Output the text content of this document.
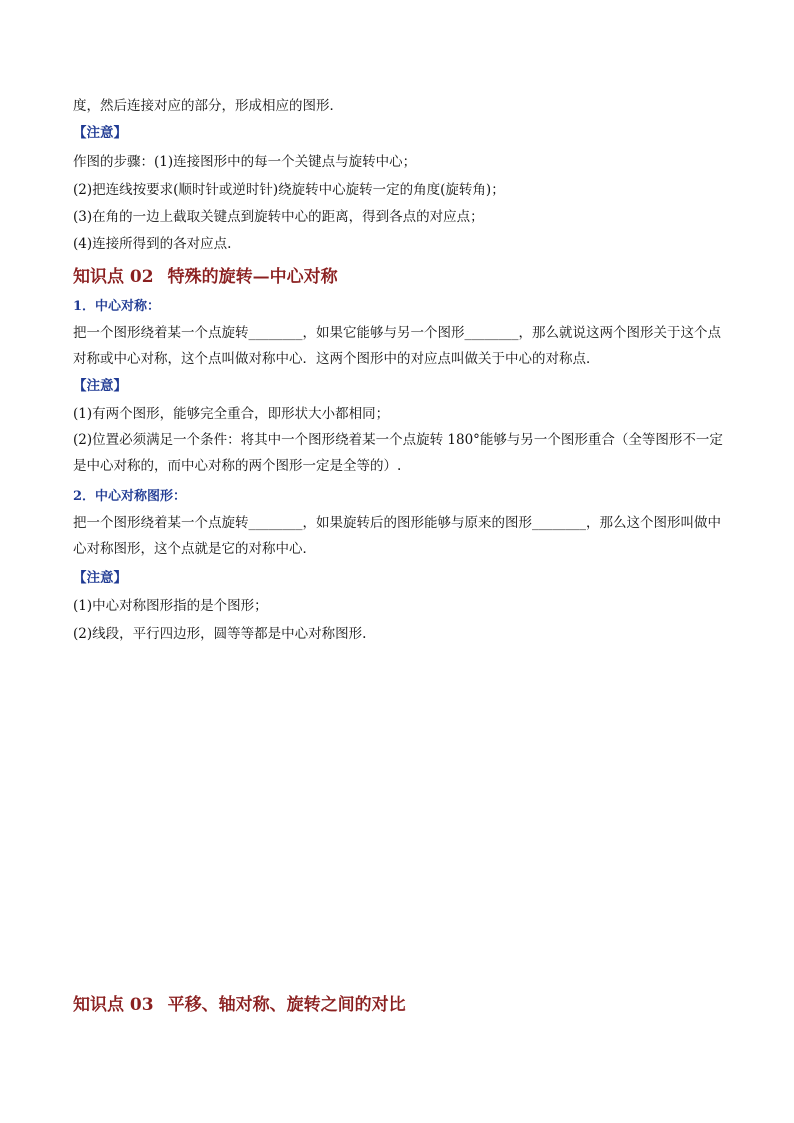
度，然后连接对应的部分，形成相应的图形．
【注意】
作图的步骤：(1)连接图形中的每一个关键点与旋转中心；
(2)把连线按要求(顺时针或逆时针)绕旋转中心旋转一定的角度(旋转角)；
(3)在角的一边上截取关键点到旋转中心的距离，得到各点的对应点；
(4)连接所得到的各对应点.
知识点 02 特殊的旋转—中心对称
1．中心对称：
把一个图形绕着某一个点旋转________，如果它能够与另一个图形________，那么就说这两个图形关于这个点对称或中心对称，这个点叫做对称中心．这两个图形中的对应点叫做关于中心的对称点．
【注意】
(1)有两个图形，能够完全重合，即形状大小都相同；
(2)位置必须满足一个条件：将其中一个图形绕着某一个点旋转 180°能够与另一个图形重合（全等图形不一定是中心对称的，而中心对称的两个图形一定是全等的）.
2．中心对称图形：
把一个图形绕着某一个点旋转________，如果旋转后的图形能够与原来的图形________，那么这个图形叫做中心对称图形，这个点就是它的对称中心．
【注意】
(1)中心对称图形指的是个图形；
(2)线段，平行四边形，圆等等都是中心对称图形.
知识点 03 平移、轴对称、旋转之间的对比
